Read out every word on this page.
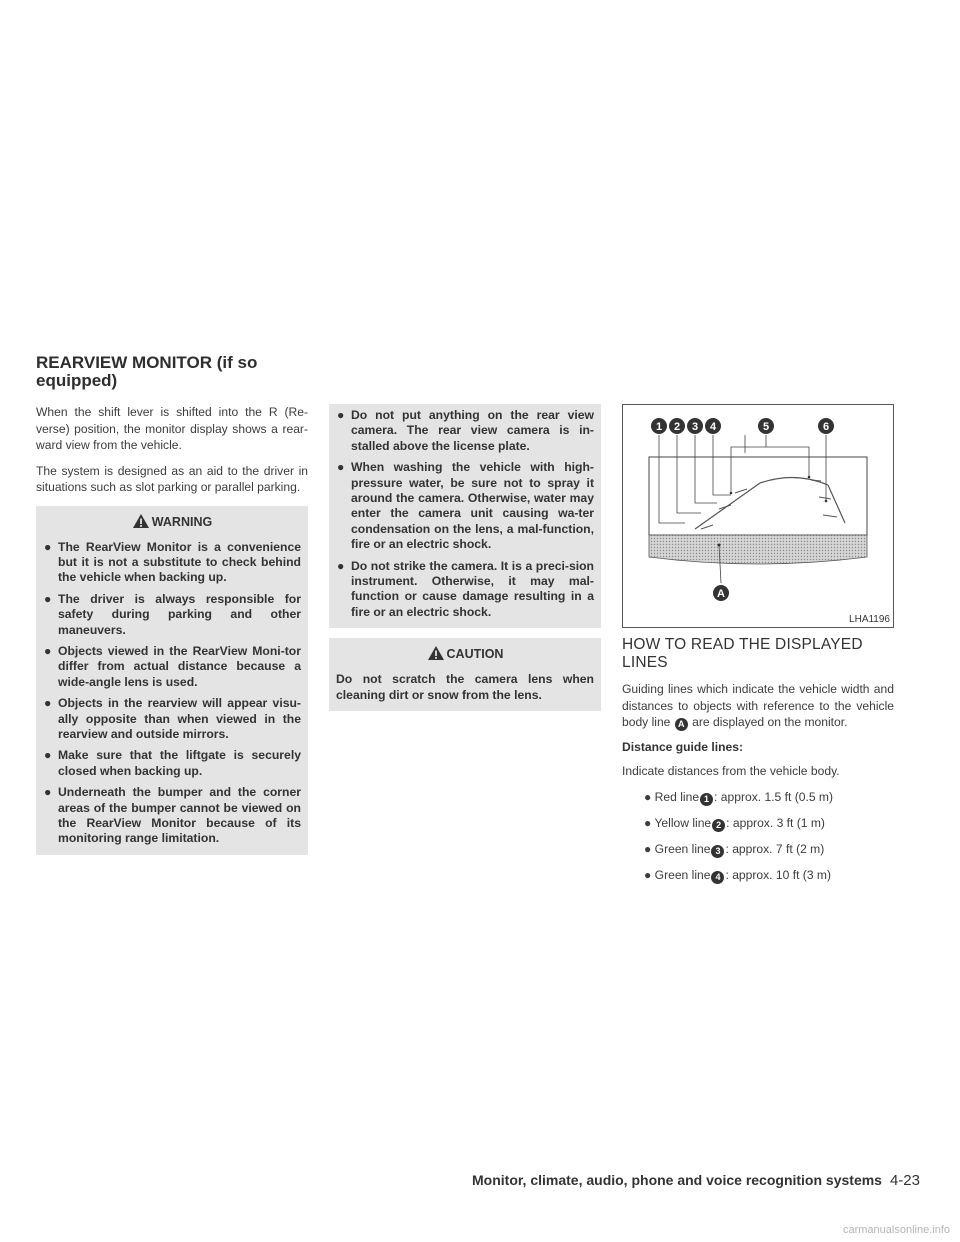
REARVIEW MONITOR (if so equipped)

When the shift lever is shifted into the R (Re-verse) position, the monitor display shows a rear-ward view from the vehicle.

The system is designed as an aid to the driver in situations such as slot parking or parallel parking.

WARNING
● The RearView Monitor is a convenience but it is not a substitute to check behind the vehicle when backing up.
● The driver is always responsible for safety during parking and other maneuvers.
● Objects viewed in the RearView Moni-tor differ from actual distance because a wide-angle lens is used.
● Objects in the rearview will appear visu-ally opposite than when viewed in the rearview and outside mirrors.
● Make sure that the liftgate is securely closed when backing up.
● Underneath the bumper and the corner areas of the bumper cannot be viewed on the RearView Monitor because of its monitoring range limitation.
● Do not put anything on the rear view camera. The rear view camera is in-stalled above the license plate.
● When washing the vehicle with high-pressure water, be sure not to spray it around the camera. Otherwise, water may enter the camera unit causing wa-ter condensation on the lens, a mal-function, fire or an electric shock.
● Do not strike the camera. It is a preci-sion instrument. Otherwise, it may mal-function or cause damage resulting in a fire or an electric shock.
CAUTION
Do not scratch the camera lens when cleaning dirt or snow from the lens.
1 2 3 4	5	6
A
LHA1196
HOW TO READ THE DISPLAYED LINES

Guiding lines which indicate the vehicle width and distances to objects with reference to the vehicle body line A are displayed on the monitor.

Distance guide lines:

Indicate distances from the vehicle body.

● Red line 1 : approx. 1.5 ft (0.5 m)
● Yellow line 2 : approx. 3 ft (1 m)
● Green line 3 : approx. 7 ft (2 m)
● Green line 4 : approx. 10 ft (3 m)
Monitor, climate, audio, phone and voice recognition systems 4-23
carmanualsonline.info
